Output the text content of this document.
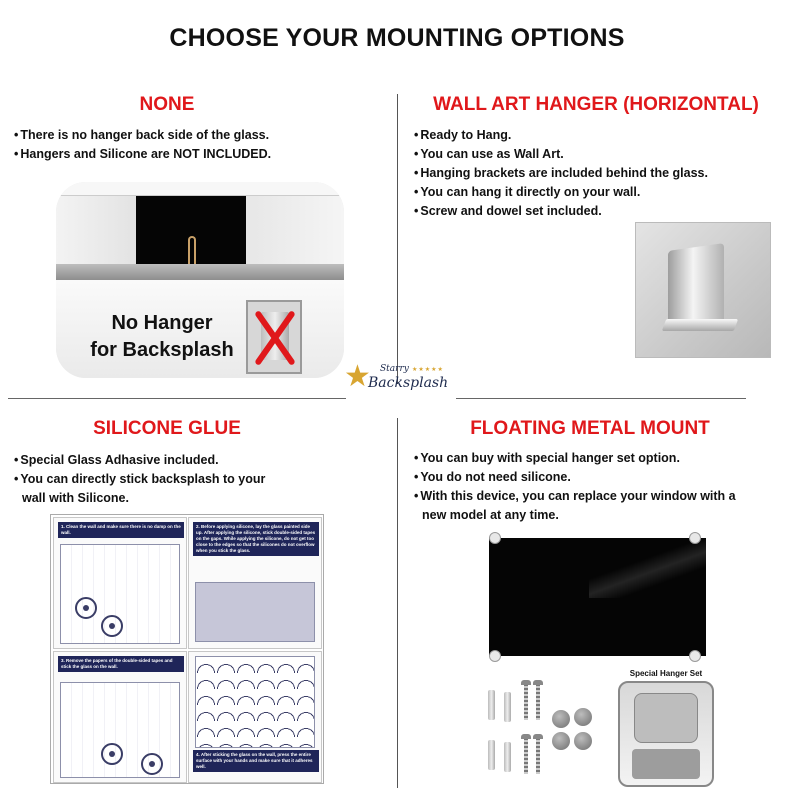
CHOOSE YOUR MOUNTING OPTIONS
NONE
• There is no hanger back side of the glass.
• Hangers and Silicone are NOT INCLUDED.
No Hanger
for Backsplash
WALL ART HANGER (HORIZONTAL)
• Ready to Hang.
• You can use as Wall Art.
• Hanging brackets are included behind the glass.
• You can hang it directly on your wall.
• Screw and dowel set included.
★ Starry ★★★★★
Backsplash
SILICONE GLUE
• Special Glass Adhasive included.
• You can directly stick backsplash to your
wall with Silicone.
1. Clean the wall and make sure there is no damp on the wall.
2. Before applying silicone, lay the glass painted side up. After applying the silicone, stick double-sided tapes on the gaps. While applying the silicone, do not get too close to the edges so that the silicones do not overflow when you stick the glass.
3. Remove the papers of the double-sided tapes and stick the glass on the wall.
4. After sticking the glass on the wall, press the entire surface with your hands and make sure that it adheres well.
FLOATING METAL MOUNT
• You can buy with special hanger set option.
• You do not need silicone.
• With this device, you can replace your window with a
new model at any time.
Special Hanger Set
